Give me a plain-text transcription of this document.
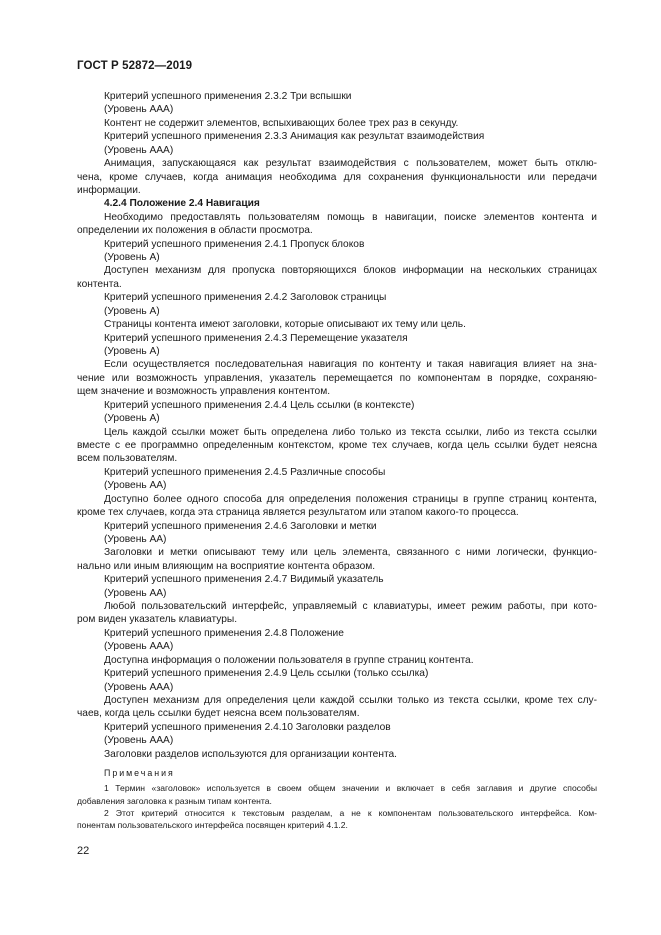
ГОСТ Р 52872—2019
Критерий успешного применения 2.3.2 Три вспышки
(Уровень ААА)
Контент не содержит элементов, вспыхивающих более трех раз в секунду.
Критерий успешного применения 2.3.3 Анимация как результат взаимодействия
(Уровень ААА)
Анимация, запускающаяся как результат взаимодействия с пользователем, может быть отклю-
чена, кроме случаев, когда анимация необходима для сохранения функциональности или передачи
информации.
4.2.4 Положение 2.4 Навигация
Необходимо предоставлять пользователям помощь в навигации, поиске элементов контента и
определении их положения в области просмотра.
Критерий успешного применения 2.4.1 Пропуск блоков
(Уровень А)
Доступен механизм для пропуска повторяющихся блоков информации на нескольких страницах
контента.
Критерий успешного применения 2.4.2 Заголовок страницы
(Уровень А)
Страницы контента имеют заголовки, которые описывают их тему или цель.
Критерий успешного применения 2.4.3 Перемещение указателя
(Уровень А)
Если осуществляется последовательная навигация по контенту и такая навигация влияет на зна-
чение или возможность управления, указатель перемещается по компонентам в порядке, сохраняю-
щем значение и возможность управления контентом.
Критерий успешного применения 2.4.4 Цель ссылки (в контексте)
(Уровень А)
Цель каждой ссылки может быть определена либо только из текста ссылки, либо из текста ссылки
вместе с ее программно определенным контекстом, кроме тех случаев, когда цель ссылки будет неясна
всем пользователям.
Критерий успешного применения 2.4.5 Различные способы
(Уровень АА)
Доступно более одного способа для определения положения страницы в группе страниц контента,
кроме тех случаев, когда эта страница является результатом или этапом какого-то процесса.
Критерий успешного применения 2.4.6 Заголовки и метки
(Уровень АА)
Заголовки и метки описывают тему или цель элемента, связанного с ними логически, функцио-
нально или иным влияющим на восприятие контента образом.
Критерий успешного применения 2.4.7 Видимый указатель
(Уровень АА)
Любой пользовательский интерфейс, управляемый с клавиатуры, имеет режим работы, при кото-
ром виден указатель клавиатуры.
Критерий успешного применения 2.4.8 Положение
(Уровень ААА)
Доступна информация о положении пользователя в группе страниц контента.
Критерий успешного применения 2.4.9 Цель ссылки (только ссылка)
(Уровень ААА)
Доступен механизм для определения цели каждой ссылки только из текста ссылки, кроме тех слу-
чаев, когда цель ссылки будет неясна всем пользователям.
Критерий успешного применения 2.4.10 Заголовки разделов
(Уровень ААА)
Заголовки разделов используются для организации контента.
Примечания
1 Термин «заголовок» используется в своем общем значении и включает в себя заглавия и другие способы
добавления заголовка к разным типам контента.
2 Этот критерий относится к текстовым разделам, а не к компонентам пользовательского интерфейса. Ком-
понентам пользовательского интерфейса посвящен критерий 4.1.2.
22
